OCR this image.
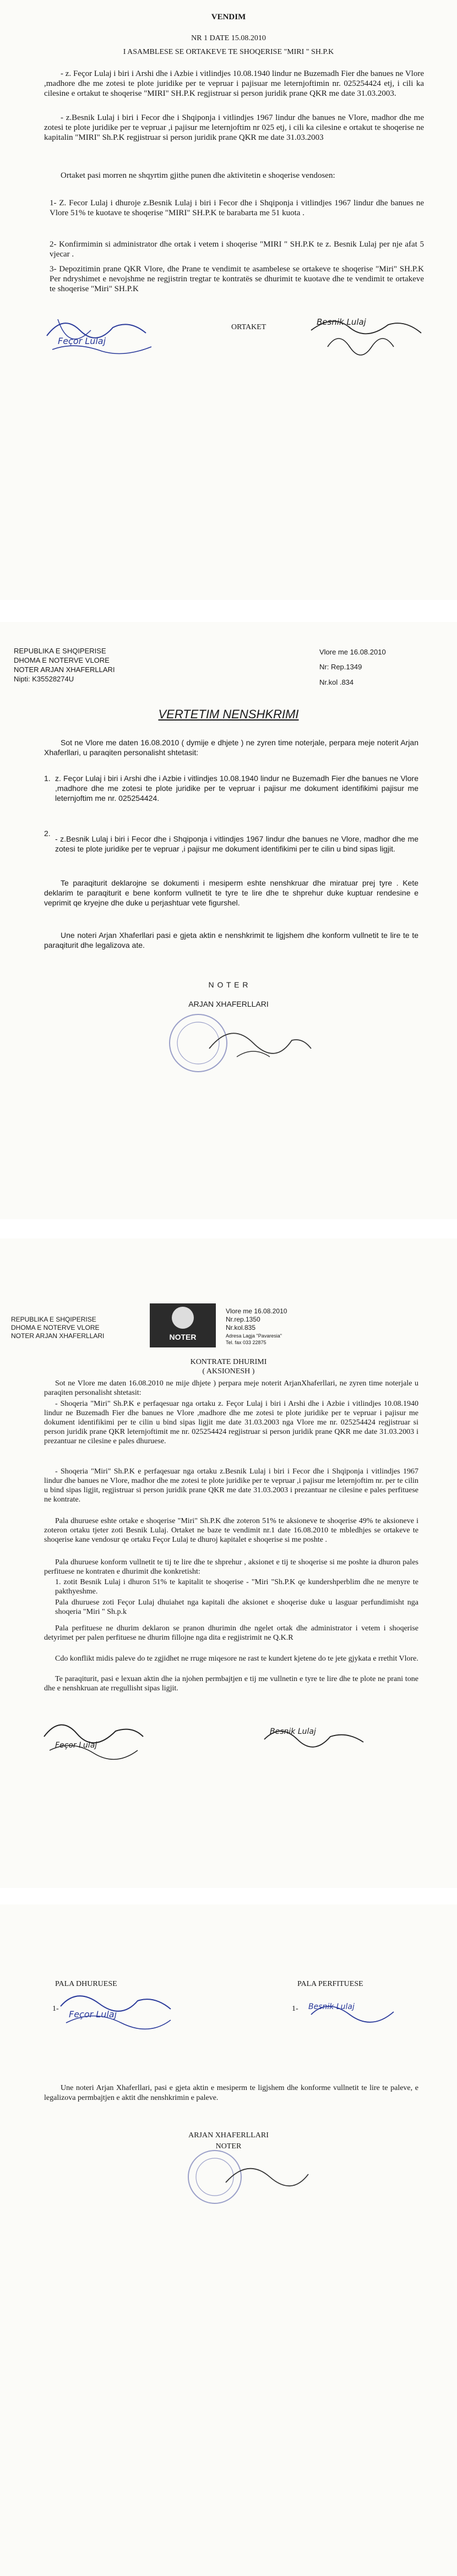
VENDIM
NR 1 DATE 15.08.2010
I ASAMBLESE SE ORTAKEVE TE SHOQERISE "MIRI " SH.P.K
- z. Feçor Lulaj i biri i Arshi dhe i Azbie i vitlindjes 10.08.1940 lindur ne Buzemadh Fier dhe banues ne Vlore ,madhore dhe me zotesi te plote juridike per te vepruar i pajisuar me leternjoftimin nr. 025254424 etj, i cili ka cilesine e ortakut te shoqerise "MIRI" SH.P.K regjistruar si person juridik prane QKR me date 31.03.2003.
- z.Besnik Lulaj i biri i Fecor dhe i Shqiponja i vitlindjes 1967 lindur dhe banues ne Vlore, madhor dhe me zotesi te plote juridike per te vepruar ,i pajisur me leternjoftim nr 025 etj, i cili ka cilesine e ortakut te shoqerise ne kapitalin "MIRI" Sh.P.K regjistruar si person juridik prane QKR me date 31.03.2003
Ortaket pasi morren ne shqyrtim gjithe punen dhe aktivitetin e shoqerise vendosen:
1- Z. Fecor Lulaj i dhuroje z.Besnik Lulaj i biri i Fecor dhe i Shqiponja i vitlindjes 1967 lindur dhe banues ne Vlore 51% te kuotave te shoqerise "MIRI" SH.P.K te barabarta me 51 kuota .
2- Konfirmimin si administrator dhe ortak i vetem i shoqerise "MIRI " SH.P.K te z. Besnik Lulaj per nje afat 5 vjecar .
3- Depozitimin prane QKR Vlore, dhe Prane te vendimit te asambelese se ortakeve te shoqerise "Miri" SH.P.K Per ndryshimet e nevojshme ne regjistrin tregtar te kontratës se dhurimit te kuotave dhe te vendimit te ortakeve te shoqerise "Miri" SH.P.K
ORTAKET
Feçor Lulaj
Besnik Lulaj
REPUBLIKA E SHQIPERISE
DHOMA E NOTERVE VLORE
NOTER ARJAN XHAFERLLARI
Nipti: K35528274U
Vlore me 16.08.2010
Nr: Rep.1349
Nr.kol .834
VERTETIM NENSHKRIMI
Sot ne Vlore me daten 16.08.2010 ( dymije e dhjete ) ne zyren time noterjale, perpara meje noterit Arjan Xhaferllari, u paraqiten personalisht shtetasit:
1. z. Feçor Lulaj i biri i Arshi dhe i Azbie i vitlindjes 10.08.1940 lindur ne Buzemadh Fier dhe banues ne Vlore ,madhore dhe me zotesi te plote juridike per te vepruar i pajisur me dokument identifikimi pajisur me leternjoftim me nr. 025254424.
2.
- z.Besnik Lulaj i biri i Fecor dhe i Shqiponja i vitlindjes 1967 lindur dhe banues ne Vlore, madhor dhe me zotesi te plote juridike per te vepruar ,i pajisur me dokument identifikimi per te cilin u bind sipas ligjit.
Te paraqiturit deklarojne se dokumenti i mesiperm eshte nenshkruar dhe miratuar prej tyre . Kete deklarim te paraqiturit e bene konform vullnetit te tyre te lire dhe te shprehur duke kuptuar rendesine e veprimit qe kryejne dhe duke u perjashtuar vete figurshel.
Une noteri Arjan Xhaferllari pasi e gjeta aktin e nenshkrimit te ligjshem dhe konform vullnetit te lire te te paraqiturit dhe legalizova ate.
N O T E R
ARJAN XHAFERLLARI
REPUBLIKA E SHQIPERISE
DHOMA E NOTERVE VLORE
NOTER ARJAN XHAFERLLARI	NOTER
Vlore me 16.08.2010
Nr.rep.1350
Nr.kol.835
Adresa Lagja "Pavaresia"
Tel. fax 033 22875
KONTRATE DHURIMI
( AKSIONESH )
Sot ne Vlore me daten 16.08.2010 ne mije dhjete ) perpara meje noterit ArjanXhaferllari, ne zyren time noterjale u paraqiten personalisht shtetasit:
- Shoqeria "Miri" Sh.P.K e perfaqesuar nga ortaku z. Feçor Lulaj i biri i Arshi dhe i Azbie i vitlindjes 10.08.1940 lindur ne Buzemadh Fier dhe banues ne Vlore ,madhore dhe me zotesi te plote juridike per te vepruar i pajisur me dokument identifikimi per te cilin u bind sipas ligjit me date 31.03.2003 nga Vlore me nr. 025254424 regjistruar si person juridik prane QKR leternjoftimit me nr. 025254424 regjistruar si person juridik prane QKR me date 31.03.2003 i prezantuar ne cilesine e pales dhuruese.
- Shoqeria "Miri" Sh.P.K e perfaqesuar nga ortaku z.Besnik Lulaj i biri i Fecor dhe i Shqiponja i vitlindjes 1967 lindur dhe banues ne Vlore, madhor dhe me zotesi te plote juridike per te vepruar ,i pajisur me leternjoftim nr. per te cilin u bind sipas ligjit, regjistruar si person juridik prane QKR me date 31.03.2003 i prezantuar ne cilesine e pales perfituese ne kontrate.
Pala dhuruese eshte ortake e shoqerise "Miri" Sh.P.K dhe zoteron 51% te aksioneve te shoqerise 49% te aksioneve i zoteron ortaku tjeter zoti Besnik Lulaj. Ortaket ne baze te vendimit nr.1 date 16.08.2010 te mbledhjes se ortakeve te shoqerise kane vendosur qe ortaku Feçor Lulaj te dhuroj kapitalet e shoqerise si me poshte .
Pala dhuruese konform vullnetit te tij te lire dhe te shprehur , aksionet e tij te shoqerise si me poshte ia dhuron pales perfituese ne kontraten e dhurimit dhe konkretisht:
1. zotit Besnik Lulaj i dhuron 51% te kapitalit te shoqerise - "Miri "Sh.P.K qe kundershperblim dhe ne menyre te pakthyeshme.
Pala dhuruese zoti Feçor Lulaj dhuiahet nga kapitali dhe aksionet e shoqerise duke u lasguar perfundimisht nga shoqeria "Miri " Sh.p.k
Pala perfituese ne dhurim deklaron se pranon dhurimin dhe ngelet ortak dhe administrator i vetem i shoqerise detyrimet per palen perfituese ne dhurim fillojne nga dita e regjistrimit ne Q.K.R
Cdo konflikt midis paleve do te zgjidhet ne rruge miqesore ne rast te kundert kjetene do te jete gjykata e rrethit Vlore.
Te paraqiturit, pasi e lexuan aktin dhe ia njohen permbajtjen e tij me vullnetin e tyre te lire dhe te plote ne prani tone dhe e nenshkruan ate rregullisht sipas ligjit.
Feçor Lulaj
Besnik Lulaj
PALA DHURUESE	PALA PERFITUESE
1-	1-
Feçor Lulaj
Besnik Lulaj
Une noteri Arjan Xhaferllari, pasi e gjeta aktin e mesiperm te ligjshem dhe konforme vullnetit te lire te paleve, e legalizova permbajtjen e aktit dhe nenshkrimin e paleve.
ARJAN XHAFERLLARI
NOTER
